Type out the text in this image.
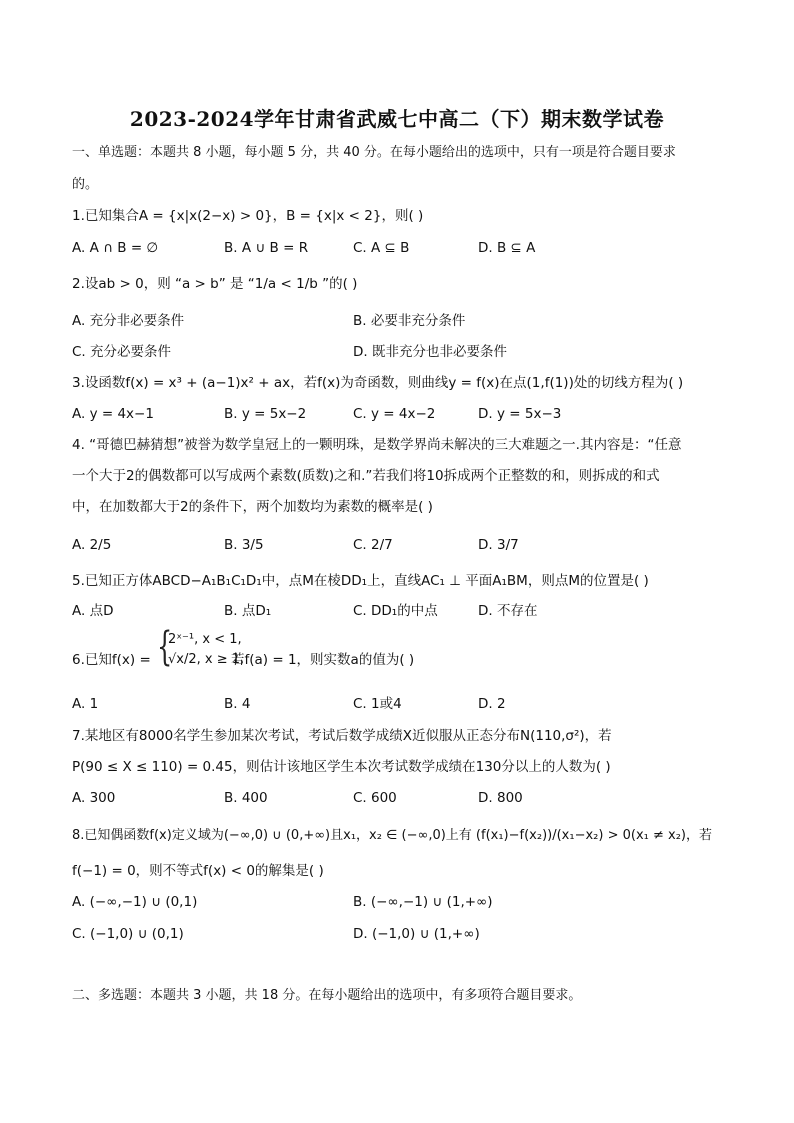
2023-2024学年甘肃省武威七中高二（下）期末数学试卷
一、单选题：本题共 8 小题，每小题 5 分，共 40 分。在每小题给出的选项中，只有一项是符合题目要求
的。
1.已知集合A = {x|x(2−x) > 0}，B = {x|x < 2}，则( )
A. A ∩ B = ∅	B. A ∪ B = R	C. A ⊆ B	D. B ⊆ A
2.设ab > 0，则 “a > b” 是 “1/a < 1/b ”的( )
A. 充分非必要条件	B. 必要非充分条件
C. 充分必要条件	D. 既非充分也非必要条件
3.设函数f(x) = x³ + (a−1)x² + ax，若f(x)为奇函数，则曲线y = f(x)在点(1,f(1))处的切线方程为( )
A. y = 4x−1	B. y = 5x−2	C. y = 4x−2	D. y = 5x−3
4. “哥德巴赫猜想”被誉为数学皇冠上的一颗明珠，是数学界尚未解决的三大难题之一.其内容是：“任意
一个大于2的偶数都可以写成两个素数(质数)之和.”若我们将10拆成两个正整数的和，则拆成的和式
中，在加数都大于2的条件下，两个加数均为素数的概率是( )
A. 2/5	B. 3/5	C. 2/7	D. 3/7
5.已知正方体ABCD−A₁B₁C₁D₁中，点M在棱DD₁上，直线AC₁ ⊥ 平面A₁BM，则点M的位置是( )
A. 点D	B. 点D₁	C. DD₁的中点	D. 不存在
6.已知f(x) = {
2ˣ⁻¹, x < 1,
√x/2, x ≥ 1,
若f(a) = 1，则实数a的值为( )
A. 1	B. 4	C. 1或4	D. 2
7.某地区有8000名学生参加某次考试，考试后数学成绩X近似服从正态分布N(110,σ²)，若
P(90 ≤ X ≤ 110) = 0.45，则估计该地区学生本次考试数学成绩在130分以上的人数为( )
A. 300	B. 400	C. 600	D. 800
8.已知偶函数f(x)定义域为(−∞,0) ∪ (0,+∞)且x₁，x₂ ∈ (−∞,0)上有 (f(x₁)−f(x₂))/(x₁−x₂) > 0(x₁ ≠ x₂)，若
f(−1) = 0，则不等式f(x) < 0的解集是( )
A. (−∞,−1) ∪ (0,1)	B. (−∞,−1) ∪ (1,+∞)
C. (−1,0) ∪ (0,1)	D. (−1,0) ∪ (1,+∞)
二、多选题：本题共 3 小题，共 18 分。在每小题给出的选项中，有多项符合题目要求。
